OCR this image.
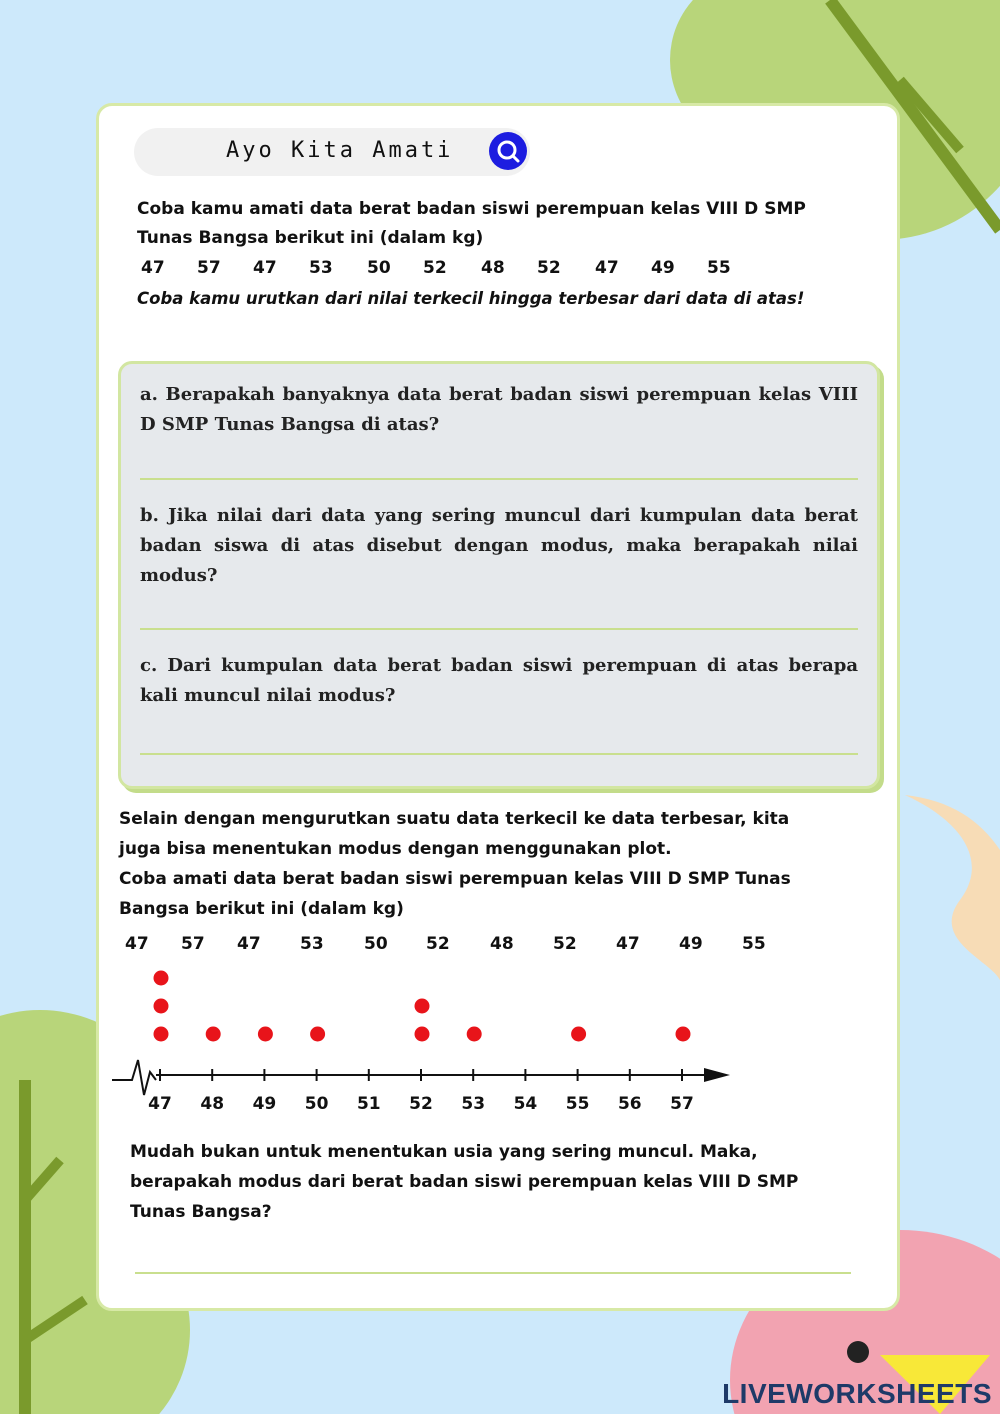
Ayo Kita Amati
Coba kamu amati data berat badan siswi perempuan kelas VIII D SMP
Tunas Bangsa berikut ini (dalam kg)
47 57 47 53 50 52 48 52 47 49 55
Coba kamu urutkan dari nilai terkecil hingga terbesar dari data di atas!
a. Berapakah banyaknya data berat badan siswi perempuan kelas VIII D SMP Tunas Bangsa di atas?
b. Jika nilai dari data yang sering muncul dari kumpulan data berat badan siswa di atas disebut dengan modus, maka berapakah nilai modus?
c. Dari kumpulan data berat badan siswi perempuan di atas berapa kali muncul nilai modus?
Selain dengan mengurutkan suatu data terkecil ke data terbesar, kita
juga bisa menentukan modus dengan menggunakan plot.
Coba amati data berat badan siswi perempuan kelas VIII D SMP Tunas
Bangsa berikut ini (dalam kg)
47 57 47 53 50 52 48 52 47 49 55
47 48 49 50 51 52 53 54 55 56 57
Mudah bukan untuk menentukan usia yang sering muncul. Maka,
berapakah modus dari berat badan siswi perempuan kelas VIII D SMP
Tunas Bangsa?
LIVEWORKSHEETS
